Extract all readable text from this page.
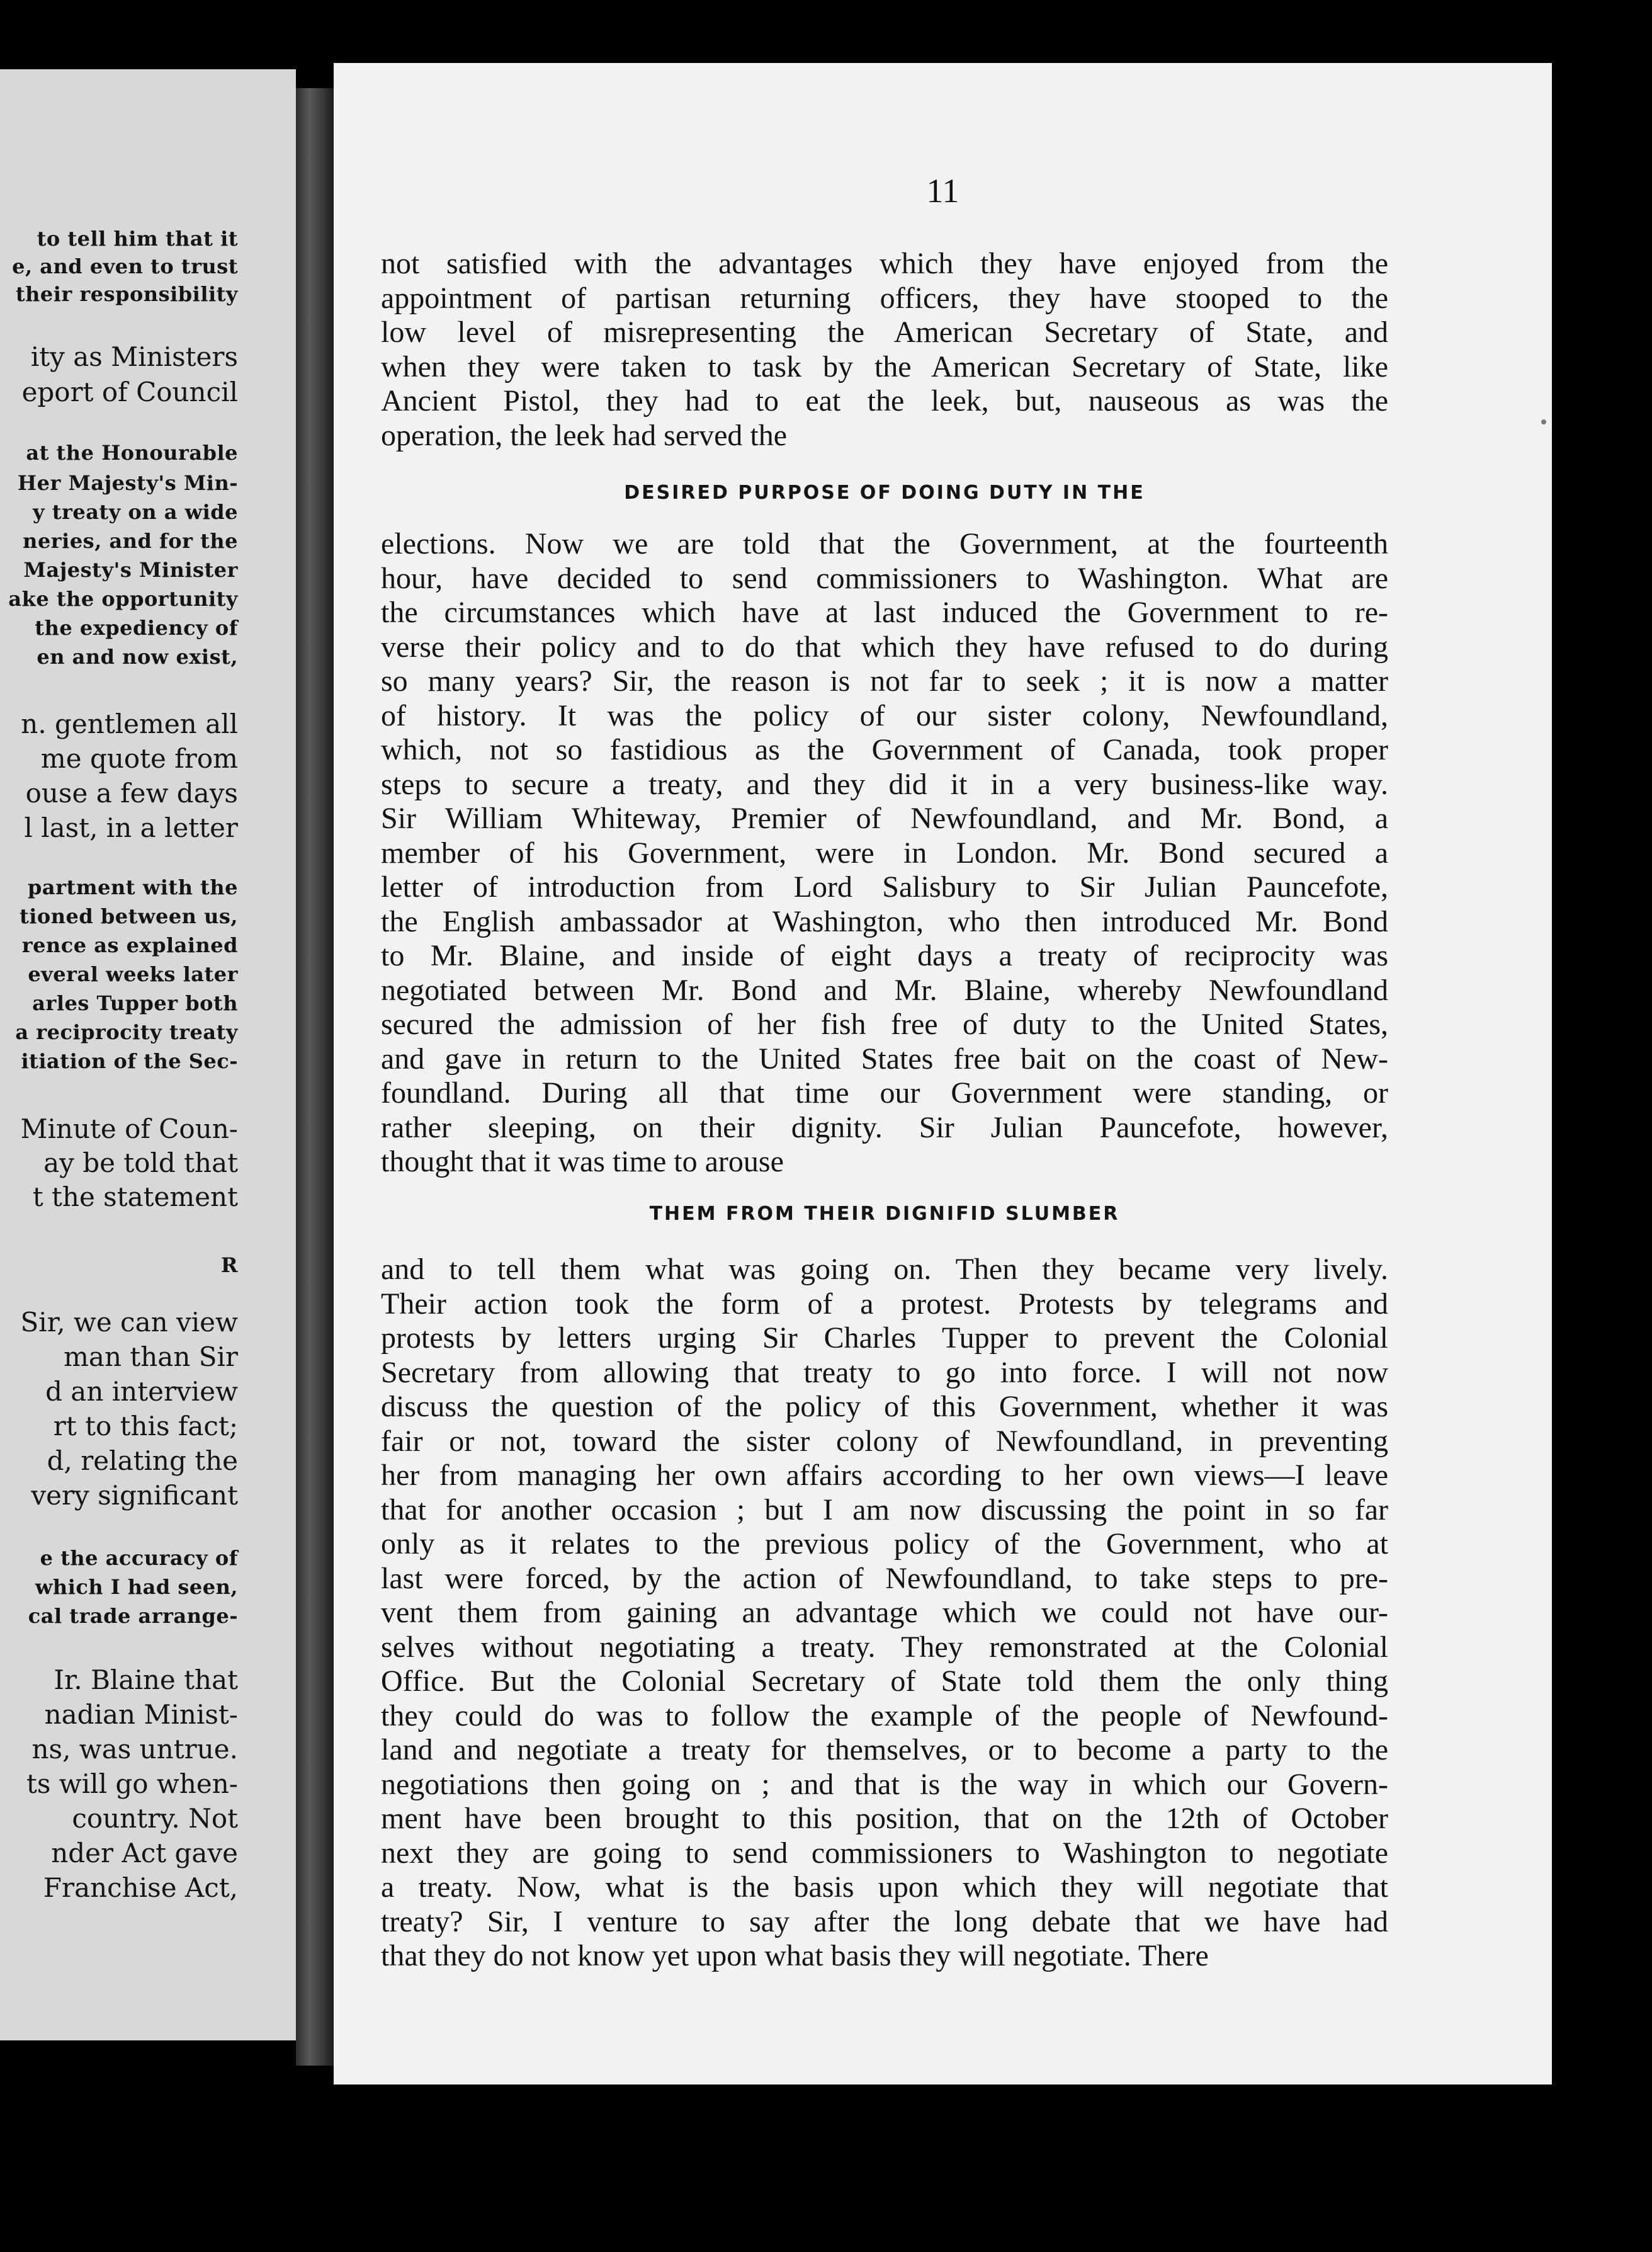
to tell him that it
e, and even to trust
their responsibility
ity as Ministers
eport of Council
at the Honourable
Her Majesty's Min-
y treaty on a wide
neries, and for the
Majesty's Minister
ake the opportunity
the expediency of
en and now exist,
n. gentlemen all
me quote from
ouse a few days
l last, in a letter
partment with the
tioned between us,
rence as explained
everal weeks later
arles Tupper both
a reciprocity treaty
itiation of the Sec-
Minute of Coun-
ay be told that
t the statement
R
Sir, we can view
man than Sir
d an interview
rt to this fact;
d, relating the
very significant
e the accuracy of
which I had seen,
cal trade arrange-
Ir. Blaine that
nadian Minist-
ns, was untrue.
ts will go when-
country. Not
nder Act gave
Franchise Act,
11
not satisfied with the advantages which they have enjoyed from the
appointment of partisan returning officers, they have stooped to the
low level of misrepresenting the American Secretary of State, and
when they were taken to task by the American Secretary of State, like
Ancient Pistol, they had to eat the leek, but, nauseous as was the
operation, the leek had served the
DESIRED PURPOSE OF DOING DUTY IN THE
elections. Now we are told that the Government, at the fourteenth
hour, have decided to send commissioners to Washington. What are
the circumstances which have at last induced the Government to re-
verse their policy and to do that which they have refused to do during
so many years? Sir, the reason is not far to seek ; it is now a matter
of history. It was the policy of our sister colony, Newfoundland,
which, not so fastidious as the Government of Canada, took proper
steps to secure a treaty, and they did it in a very business-like way.
Sir William Whiteway, Premier of Newfoundland, and Mr. Bond, a
member of his Government, were in London. Mr. Bond secured a
letter of introduction from Lord Salisbury to Sir Julian Pauncefote,
the English ambassador at Washington, who then introduced Mr. Bond
to Mr. Blaine, and inside of eight days a treaty of reciprocity was
negotiated between Mr. Bond and Mr. Blaine, whereby Newfoundland
secured the admission of her fish free of duty to the United States,
and gave in return to the United States free bait on the coast of New-
foundland. During all that time our Government were standing, or
rather sleeping, on their dignity. Sir Julian Pauncefote, however,
thought that it was time to arouse
THEM FROM THEIR DIGNIFID SLUMBER
and to tell them what was going on. Then they became very lively.
Their action took the form of a protest. Protests by telegrams and
protests by letters urging Sir Charles Tupper to prevent the Colonial
Secretary from allowing that treaty to go into force. I will not now
discuss the question of the policy of this Government, whether it was
fair or not, toward the sister colony of Newfoundland, in preventing
her from managing her own affairs according to her own views—I leave
that for another occasion ; but I am now discussing the point in so far
only as it relates to the previous policy of the Government, who at
last were forced, by the action of Newfoundland, to take steps to pre-
vent them from gaining an advantage which we could not have our-
selves without negotiating a treaty. They remonstrated at the Colonial
Office. But the Colonial Secretary of State told them the only thing
they could do was to follow the example of the people of Newfound-
land and negotiate a treaty for themselves, or to become a party to the
negotiations then going on ; and that is the way in which our Govern-
ment have been brought to this position, that on the 12th of October
next they are going to send commissioners to Washington to negotiate
a treaty. Now, what is the basis upon which they will negotiate that
treaty? Sir, I venture to say after the long debate that we have had
that they do not know yet upon what basis they will negotiate. There
